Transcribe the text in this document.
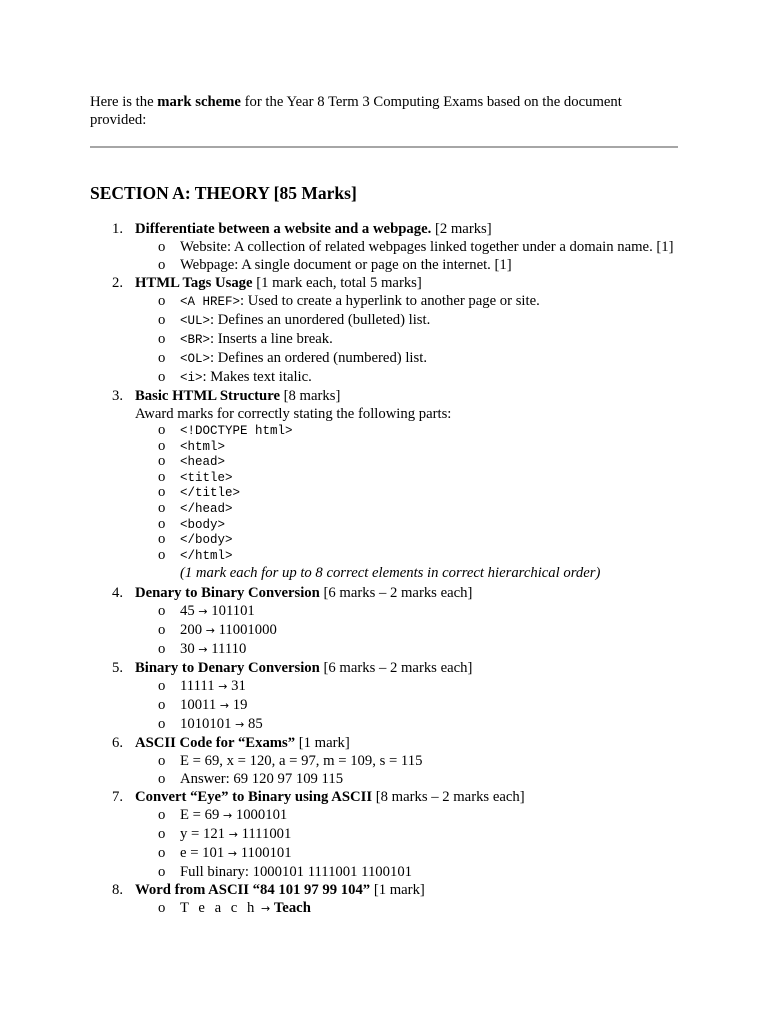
Here is the mark scheme for the Year 8 Term 3 Computing Exams based on the document provided:

SECTION A: THEORY [85 Marks]
1. Differentiate between a website and a webpage. [2 marks]
o Website: A collection of related webpages linked together under a domain name. [1]
o Webpage: A single document or page on the internet. [1]
2. HTML Tags Usage [1 mark each, total 5 marks]
o <A HREF>: Used to create a hyperlink to another page or site.
o <UL>: Defines an unordered (bulleted) list.
o <BR>: Inserts a line break.
o <OL>: Defines an ordered (numbered) list.
o <i>: Makes text italic.
3. Basic HTML Structure [8 marks]
Award marks for correctly stating the following parts:
o <!DOCTYPE html>
o <html>
o <head>
o <title>
o </title>
o </head>
o <body>
o </body>
o </html>
(1 mark each for up to 8 correct elements in correct hierarchical order)
4. Denary to Binary Conversion [6 marks – 2 marks each]
o 45 → 101101
o 200 → 11001000
o 30 → 11110
5. Binary to Denary Conversion [6 marks – 2 marks each]
o 11111 → 31
o 10011 → 19
o 1010101 → 85
6. ASCII Code for “Exams” [1 mark]
o E = 69, x = 120, a = 97, m = 109, s = 115
o Answer: 69 120 97 109 115
7. Convert “Eye” to Binary using ASCII [8 marks – 2 marks each]
o E = 69 → 1000101
o y = 121 → 1111001
o e = 101 → 1100101
o Full binary: 1000101 1111001 1100101
8. Word from ASCII “84 101 97 99 104” [1 mark]
o T e a c h → Teach
